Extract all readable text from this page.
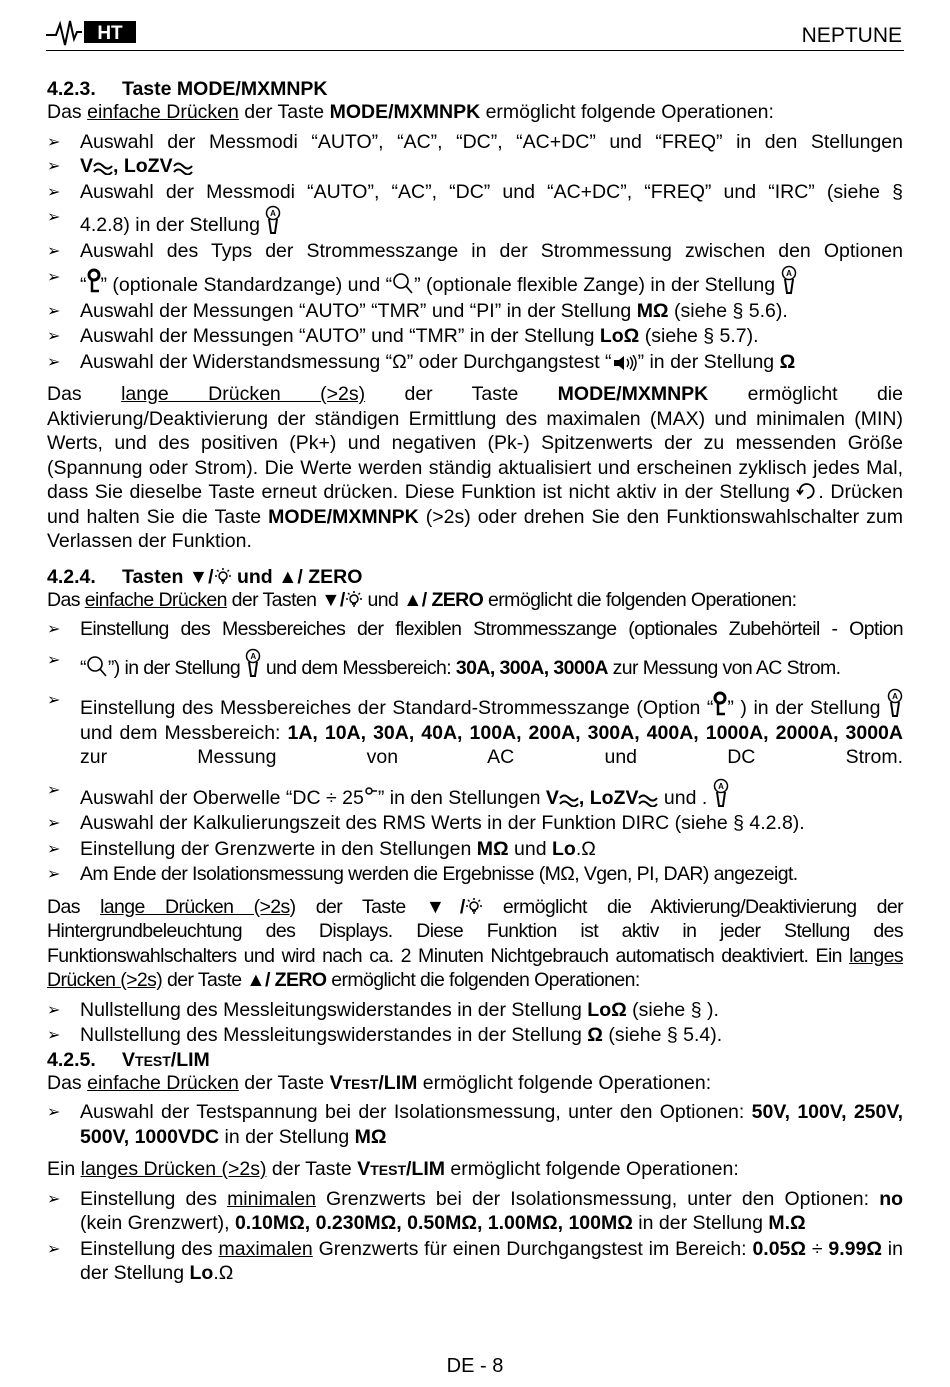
HT	NEPTUNE
4.2.3. Taste MODE/MXMNPK

Das einfache Drücken der Taste MODE/MXMNPK ermöglicht folgende Operationen:

➢ Auswahl der Messmodi “AUTO”, “AC”, “DC”, “AC+DC” und “FREQ” in den Stellungen
➢ V , LoZV
➢ Auswahl der Messmodi “AUTO”, “AC”, “DC” und “AC+DC”, “FREQ” und “IRC” (siehe §
➢ 4.2.8) in der Stellung
A
➢ Auswahl des Typs der Strommesszange in der Strommessung zwischen den Optionen
➢ “ ” (optionale Standardzange) und “ ” (optionale flexible Zange) in der Stellung
A
➢ Auswahl der Messungen “AUTO” “TMR” und “PI” in der Stellung MΩ (siehe § 5.6).
➢ Auswahl der Messungen “AUTO” und “TMR” in der Stellung LoΩ (siehe § 5.7).
➢ Auswahl der Widerstandsmessung “Ω” oder Durchgangstest “ ” in der Stellung Ω

Das lange Drücken (>2s) der Taste MODE/MXMNPK ermöglicht die

Aktivierung/Deaktivierung der ständigen Ermittlung des maximalen (MAX) und minimalen (MIN) Werts, und des positiven (Pk+) und negativen (Pk-) Spitzenwerts der zu messenden Größe (Spannung oder Strom). Die Werte werden ständig aktualisiert und erscheinen zyklisch jedes Mal, dass Sie dieselbe Taste erneut drücken. Diese Funktion ist nicht aktiv in der Stellung . Drücken und halten Sie die Taste MODE/MXMNPK (>2s) oder drehen Sie den Funktionswahlschalter zum Verlassen der Funktion.

4.2.4. Tasten ▼/ und ▲/ ZERO

Das einfache Drücken der Tasten ▼/ und ▲/ ZERO ermöglicht die folgenden Operationen:

➢ Einstellung des Messbereiches der flexiblen Strommesszange (optionales Zubehörteil - Option
➢ “ ”) in der Stellung
A
und dem Messbereich: 30A, 300A, 3000A zur Messung von AC Strom.
➢ Einstellung des Messbereiches der Standard-Strommesszange (Option “ ” ) in der Stellung
A
und dem Messbereich: 1A, 10A, 30A, 40A, 100A, 200A, 300A, 400A, 1000A, 2000A, 3000A zur Messung von AC und DC Strom.
➢ Auswahl der Oberwelle “DC ÷ 25 ” in den Stellungen V , LoZV und .
A
➢ Auswahl der Kalkulierungszeit des RMS Werts in der Funktion DIRC (siehe § 4.2.8).
➢ Einstellung der Grenzwerte in den Stellungen MΩ und Lo.Ω
➢ Am Ende der Isolationsmessung werden die Ergebnisse (MΩ, Vgen, PI, DAR) angezeigt.

Das lange Drücken (>2s) der Taste ▼/ ermöglicht die Aktivierung/Deaktivierung der Hintergrundbeleuchtung des Displays. Diese Funktion ist aktiv in jeder Stellung des Funktionswahlschalters und wird nach ca. 2 Minuten Nichtgebrauch automatisch deaktiviert. Ein langes Drücken (>2s) der Taste ▲/ ZERO ermöglicht die folgenden Operationen:

➢ Nullstellung des Messleitungswiderstandes in der Stellung LoΩ (siehe § ).
➢ Nullstellung des Messleitungswiderstandes in der Stellung Ω (siehe § 5.4).
4.2.5. Vtest/LIM

Das einfache Drücken der Taste Vtest/LIM ermöglicht folgende Operationen:

➢ Auswahl der Testspannung bei der Isolationsmessung, unter den Optionen: 50V, 100V, 250V, 500V, 1000VDC in der Stellung MΩ

Ein langes Drücken (>2s) der Taste Vtest/LIM ermöglicht folgende Operationen:

➢ Einstellung des minimalen Grenzwerts bei der Isolationsmessung, unter den Optionen: no (kein Grenzwert), 0.10MΩ, 0.230MΩ, 0.50MΩ, 1.00MΩ, 100MΩ in der Stellung M.Ω
➢ Einstellung des maximalen Grenzwerts für einen Durchgangstest im Bereich: 0.05Ω ÷ 9.99Ω in der Stellung Lo.Ω
DE - 8
